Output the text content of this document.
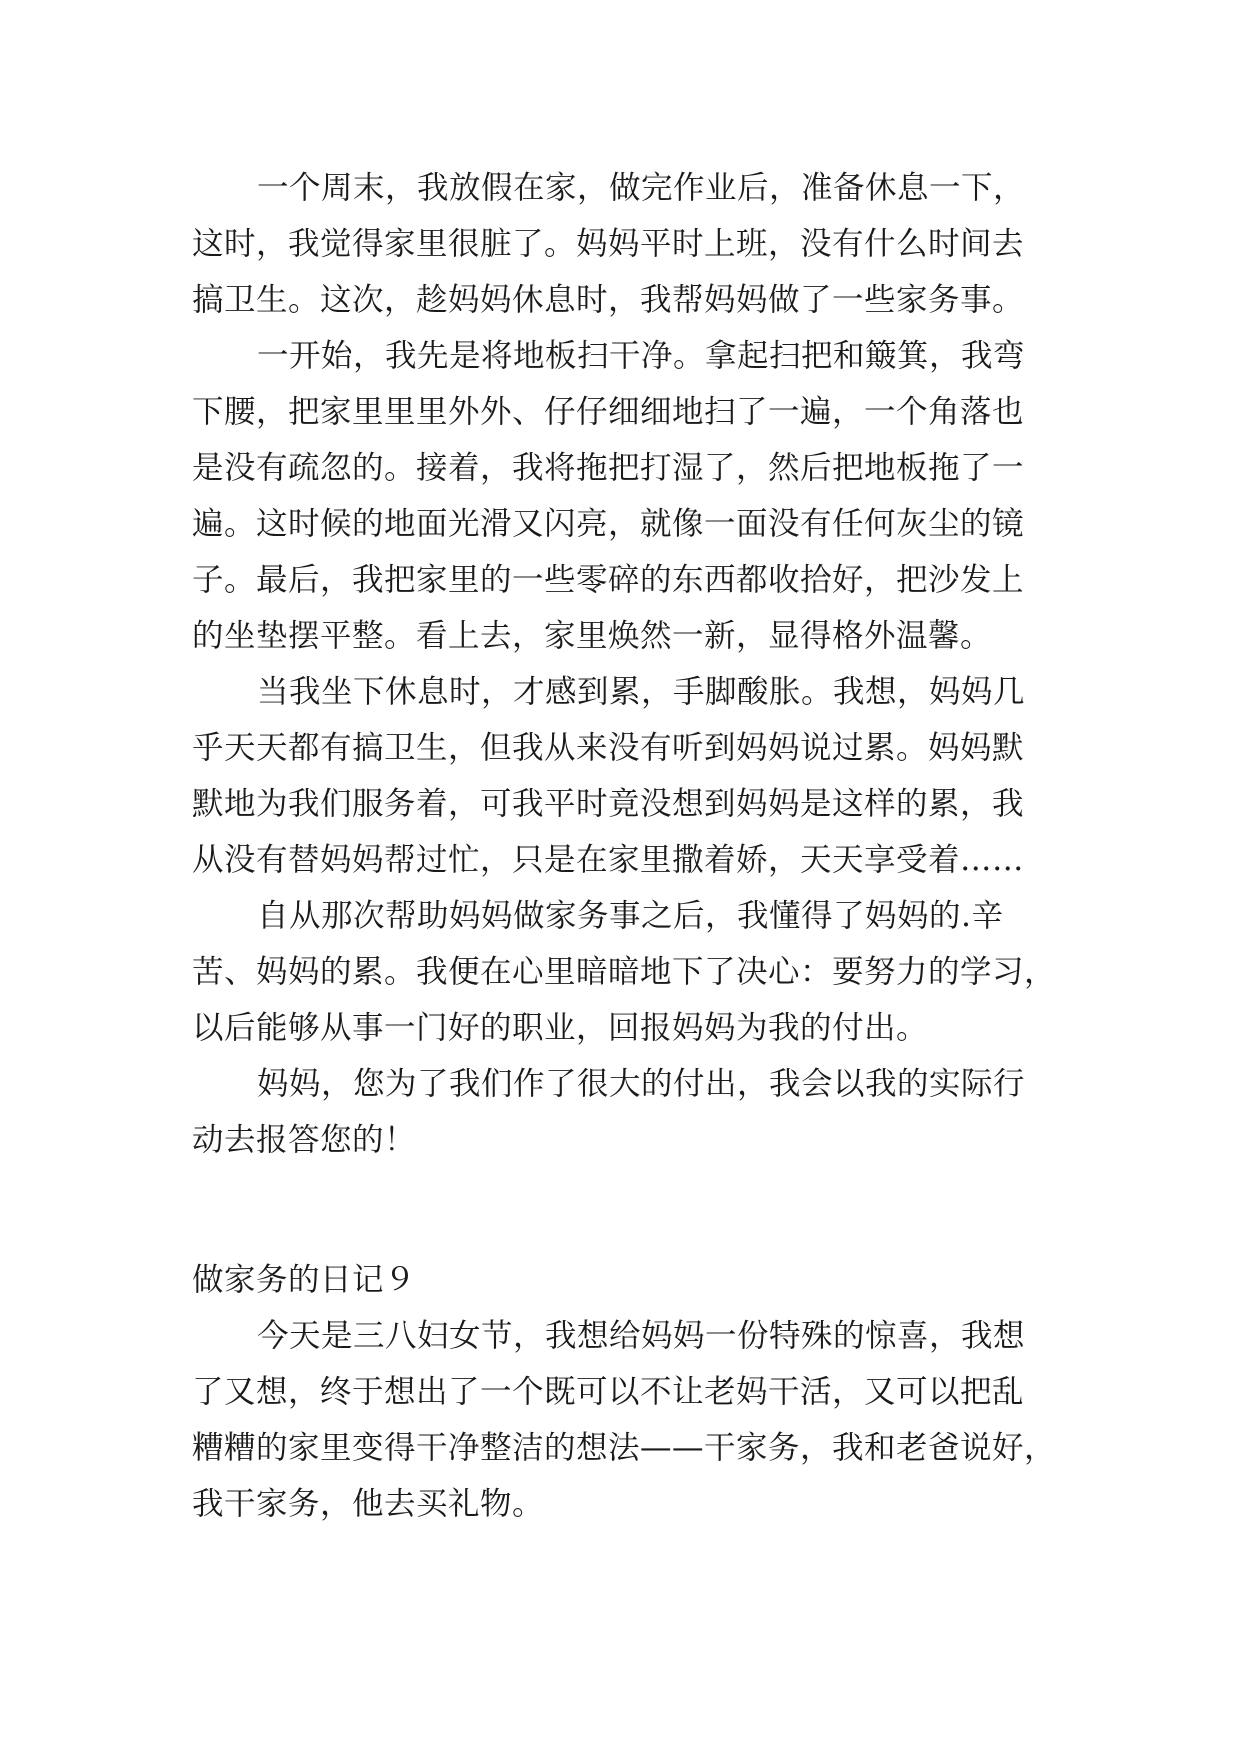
一个周末，我放假在家，做完作业后，准备休息一下，
这时，我觉得家里很脏了。妈妈平时上班，没有什么时间去
搞卫生。这次，趁妈妈休息时，我帮妈妈做了一些家务事。
一开始，我先是将地板扫干净。拿起扫把和簸箕，我弯
下腰，把家里里里外外、仔仔细细地扫了一遍，一个角落也
是没有疏忽的。接着，我将拖把打湿了，然后把地板拖了一
遍。这时候的地面光滑又闪亮，就像一面没有任何灰尘的镜
子。最后，我把家里的一些零碎的东西都收拾好，把沙发上
的坐垫摆平整。看上去，家里焕然一新，显得格外温馨。
当我坐下休息时，才感到累，手脚酸胀。我想，妈妈几
乎天天都有搞卫生，但我从来没有听到妈妈说过累。妈妈默
默地为我们服务着，可我平时竟没想到妈妈是这样的累，我
从没有替妈妈帮过忙，只是在家里撒着娇，天天享受着……
自从那次帮助妈妈做家务事之后，我懂得了妈妈的.辛
苦、妈妈的累。我便在心里暗暗地下了决心：要努力的学习，
以后能够从事一门好的职业，回报妈妈为我的付出。
妈妈，您为了我们作了很大的付出，我会以我的实际行
动去报答您的！
做家务的日记９
今天是三八妇女节，我想给妈妈一份特殊的惊喜，我想
了又想，终于想出了一个既可以不让老妈干活，又可以把乱
糟糟的家里变得干净整洁的想法——干家务，我和老爸说好，
我干家务，他去买礼物。
